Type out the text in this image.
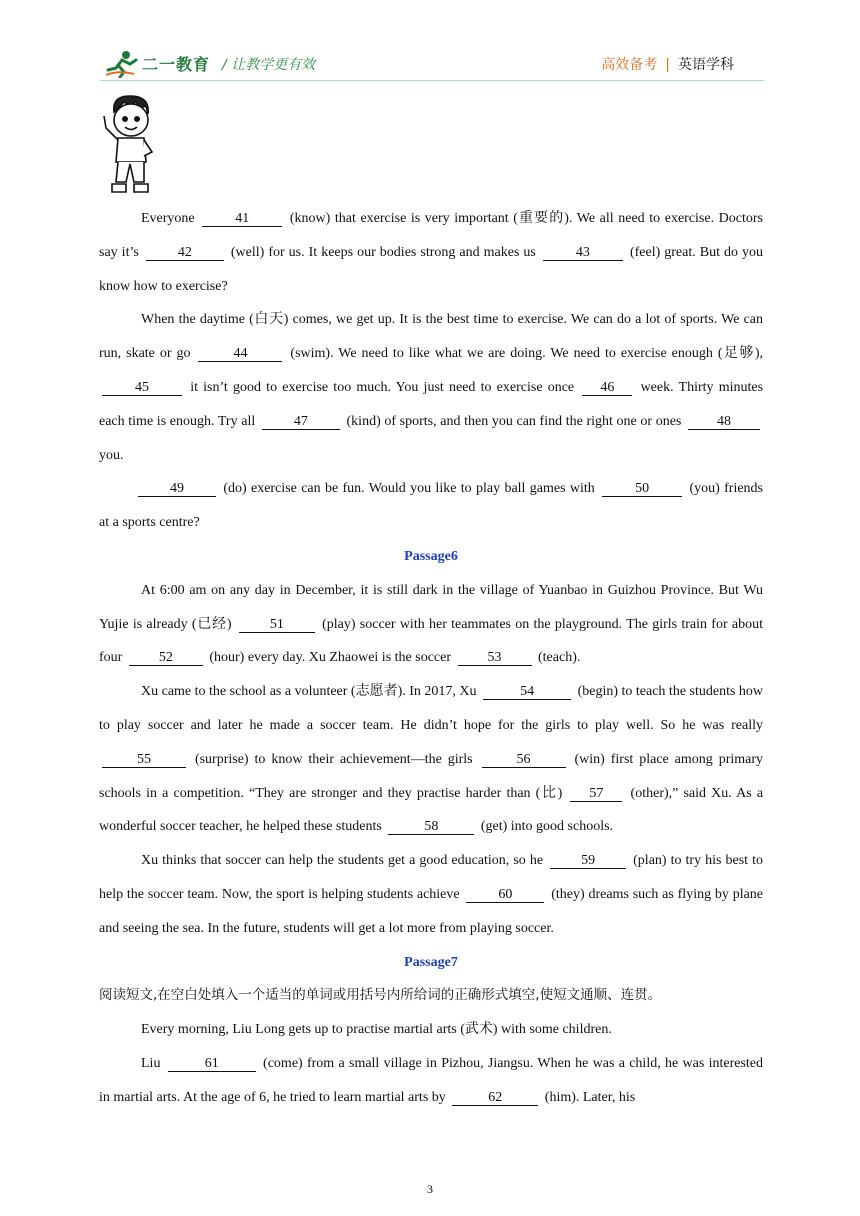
二一教育 / 让教学更有效	高效备考 | 英语学科

Everyone	41	(know) that exercise is very important (重要的). We all need to exercise. Doctors say it’s	42	(well) for us. It keeps our bodies strong and makes us	43	(feel) great. But do you know how to exercise?

When the daytime (白天) comes, we get up. It is the best time to exercise. We can do a lot of sports. We can run, skate or go	44	(swim). We need to like what we are doing. We need to exercise enough (足够), 45	it isn’t good to exercise too much. You just need to exercise once 46 week. Thirty minutes each time is enough. Try all	47	(kind) of sports, and then you can find the right one or ones	48 you.

49	(do) exercise can be fun. Would you like to play ball games with	50	(you) friends at a sports centre?

Passage6

At 6:00 am on any day in December, it is still dark in the village of Yuanbao in Guizhou Province. But Wu Yujie is already (已经)	51	(play) soccer with her teammates on the playground. The girls train for about four	52	(hour) every day. Xu Zhaowei is the soccer	53	(teach).

Xu came to the school as a volunteer (志愿者). In 2017, Xu	54	(begin) to teach the students how to play soccer and later he made a soccer team. He didn’t hope for the girls to play well. So he was really 55	(surprise) to know their achievement—the girls	56	(win) first place among primary schools in a competition. “They are stronger and they practise harder than (比) 57 (other),” said Xu. As a wonderful soccer teacher, he helped these students	58	(get) into good schools.

Xu thinks that soccer can help the students get a good education, so he	59	(plan) to try his best to help the soccer team. Now, the sport is helping students achieve	60	(they) dreams such as flying by plane and seeing the sea. In the future, students will get a lot more from playing soccer.

Passage7

阅读短文,在空白处填入一个适当的单词或用括号内所给词的正确形式填空,使短文通顺、连贯。

Every morning, Liu Long gets up to practise martial arts (武术) with some children.

Liu	61	(come) from a small village in Pizhou, Jiangsu. When he was a child, he was interested in martial arts. At the age of 6, he tried to learn martial arts by	62	(him). Later, his

3
